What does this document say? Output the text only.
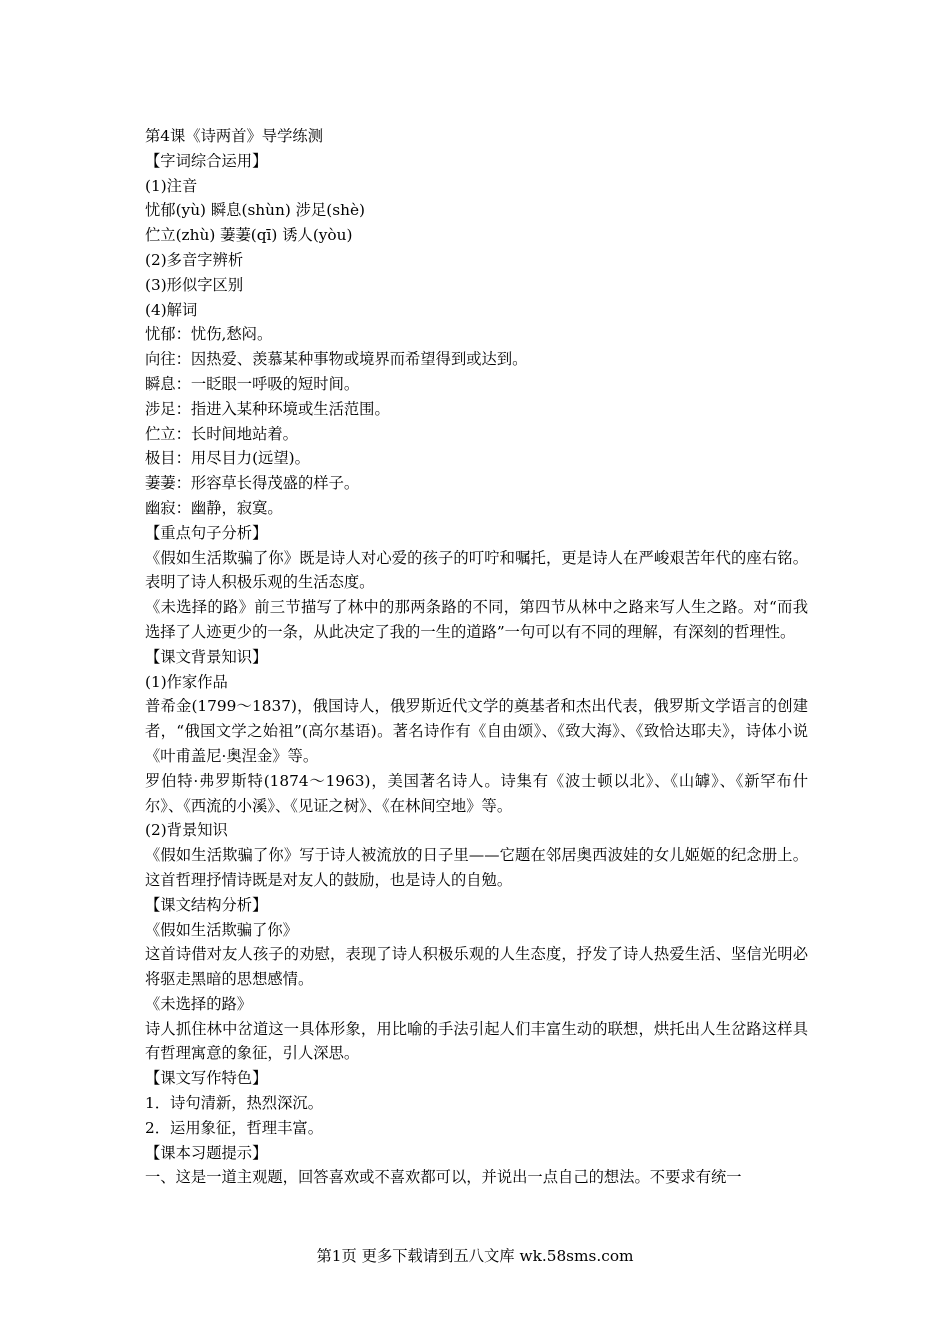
第4课《诗两首》导学练测

【字词综合运用】

(1)注音

忧郁(yù) 瞬息(shùn) 涉足(shè)

伫立(zhù) 萋萋(qī) 诱人(yòu)

(2)多音字辨析

(3)形似字区别

(4)解词

忧郁：忧伤,愁闷。

向往：因热爱、羡慕某种事物或境界而希望得到或达到。

瞬息：一眨眼一呼吸的短时间。

涉足：指进入某种环境或生活范围。

伫立：长时间地站着。

极目：用尽目力(远望)。

萋萋：形容草长得茂盛的样子。

幽寂：幽静，寂寞。

【重点句子分析】

《假如生活欺骗了你》既是诗人对心爱的孩子的叮咛和嘱托，更是诗人在严峻艰苦年代的座右铭。表明了诗人积极乐观的生活态度。

《未选择的路》前三节描写了林中的那两条路的不同，第四节从林中之路来写人生之路。对“而我选择了人迹更少的一条，从此决定了我的一生的道路”一句可以有不同的理解，有深刻的哲理性。

【课文背景知识】

(1)作家作品

普希金(1799～1837)，俄国诗人，俄罗斯近代文学的奠基者和杰出代表，俄罗斯文学语言的创建者，“俄国文学之始祖”(高尔基语)。著名诗作有《自由颂》、《致大海》、《致恰达耶夫》，诗体小说《叶甫盖尼·奥涅金》等。

罗伯特·弗罗斯特(1874～1963)，美国著名诗人。诗集有《波士顿以北》、《山罅》、《新罕布什尔》、《西流的小溪》、《见证之树》、《在林间空地》等。

(2)背景知识

《假如生活欺骗了你》写于诗人被流放的日子里——它题在邻居奥西波娃的女儿姬姬的纪念册上。这首哲理抒情诗既是对友人的鼓励，也是诗人的自勉。

【课文结构分析】

《假如生活欺骗了你》

这首诗借对友人孩子的劝慰，表现了诗人积极乐观的人生态度，抒发了诗人热爱生活、坚信光明必将驱走黑暗的思想感情。

《未选择的路》

诗人抓住林中岔道这一具体形象，用比喻的手法引起人们丰富生动的联想，烘托出人生岔路这样具有哲理寓意的象征，引人深思。

【课文写作特色】

1．诗句清新，热烈深沉。

2．运用象征，哲理丰富。

【课本习题提示】

一、这是一道主观题，回答喜欢或不喜欢都可以，并说出一点自己的想法。不要求有统一

第1页 更多下载请到五八文库 wk.58sms.com
